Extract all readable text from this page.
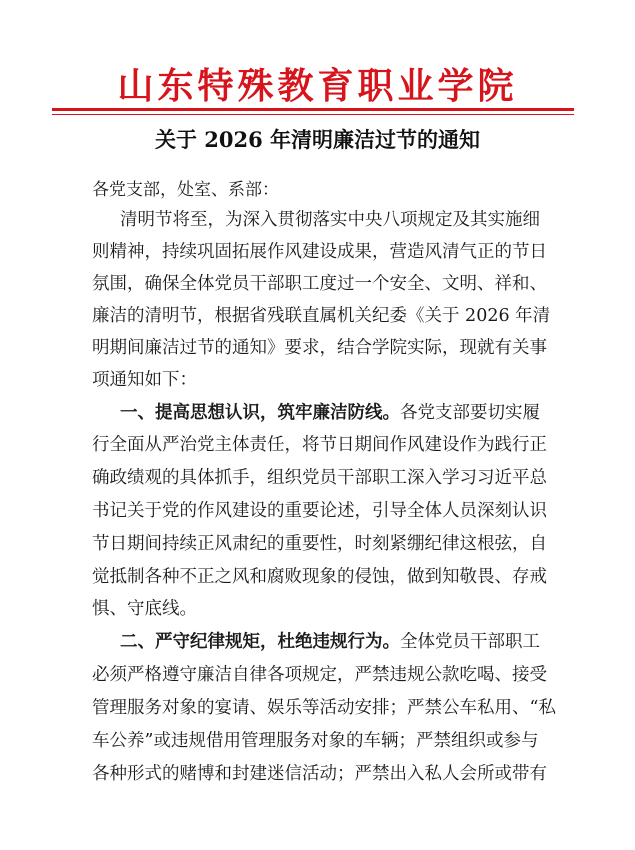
山东特殊教育职业学院
关于 2026 年清明廉洁过节的通知
各党支部，处室、系部：
清明节将至，为深入贯彻落实中央八项规定及其实施细
则精神，持续巩固拓展作风建设成果，营造风清气正的节日
氛围，确保全体党员干部职工度过一个安全、文明、祥和、
廉洁的清明节，根据省残联直属机关纪委《关于 2026 年清
明期间廉洁过节的通知》要求，结合学院实际，现就有关事
项通知如下：
一、提高思想认识，筑牢廉洁防线。各党支部要切实履
行全面从严治党主体责任，将节日期间作风建设作为践行正
确政绩观的具体抓手，组织党员干部职工深入学习习近平总
书记关于党的作风建设的重要论述，引导全体人员深刻认识
节日期间持续正风肃纪的重要性，时刻紧绷纪律这根弦，自
觉抵制各种不正之风和腐败现象的侵蚀，做到知敬畏、存戒
惧、守底线。
二、严守纪律规矩，杜绝违规行为。全体党员干部职工
必须严格遵守廉洁自律各项规定，严禁违规公款吃喝、接受
管理服务对象的宴请、娱乐等活动安排；严禁公车私用、“私
车公养”或违规借用管理服务对象的车辆；严禁组织或参与
各种形式的赌博和封建迷信活动；严禁出入私人会所或带有
